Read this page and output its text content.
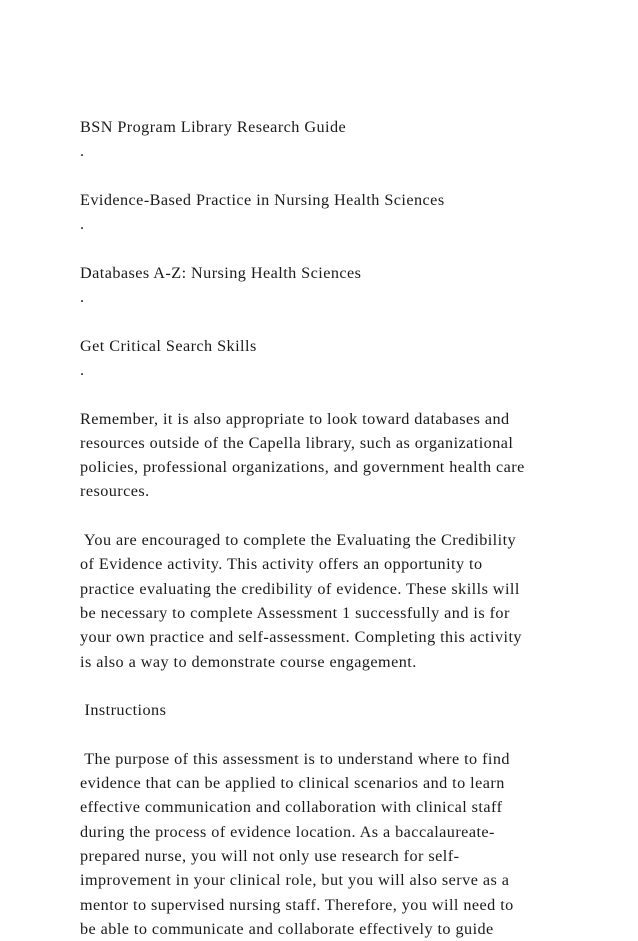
BSN Program Library Research Guide
.
Evidence-Based Practice in Nursing Health Sciences
.
Databases A-Z: Nursing Health Sciences
.
Get Critical Search Skills
.
Remember, it is also appropriate to look toward databases and
resources outside of the Capella library, such as organizational
policies, professional organizations, and government health care
resources.
You are encouraged to complete the Evaluating the Credibility
of Evidence activity. This activity offers an opportunity to
practice evaluating the credibility of evidence. These skills will
be necessary to complete Assessment 1 successfully and is for
your own practice and self-assessment. Completing this activity
is also a way to demonstrate course engagement.
Instructions
The purpose of this assessment is to understand where to find
evidence that can be applied to clinical scenarios and to learn
effective communication and collaboration with clinical staff
during the process of evidence location. As a baccalaureate-
prepared nurse, you will not only use research for self-
improvement in your clinical role, but you will also serve as a
mentor to supervised nursing staff. Therefore, you will need to
be able to communicate and collaborate effectively to guide
